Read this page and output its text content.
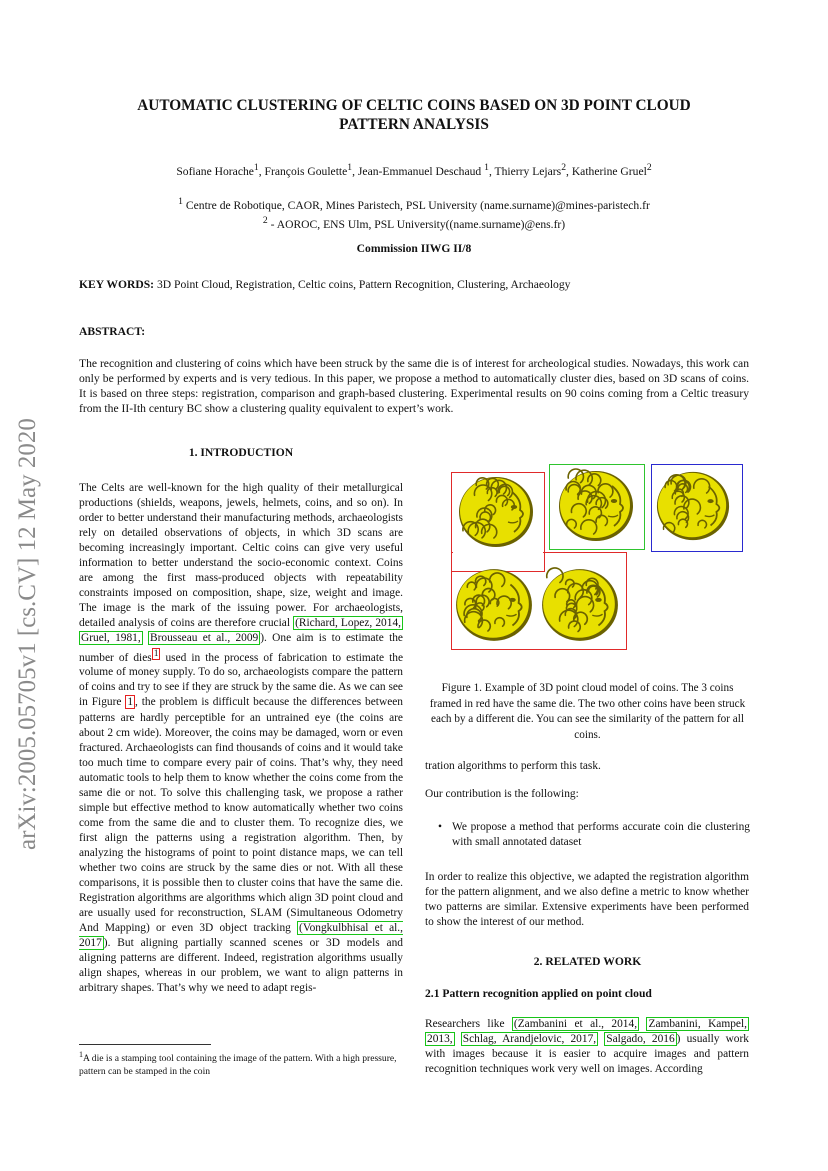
arXiv:2005.05705v1 [cs.CV] 12 May 2020
AUTOMATIC CLUSTERING OF CELTIC COINS BASED ON 3D POINT CLOUD
PATTERN ANALYSIS
Sofiane Horache$^1$, François Goulette$^1$, Jean-Emmanuel Deschaud $^1$, Thierry Lejars$^2$, Katherine Gruel$^2$
$^1$ Centre de Robotique, CAOR, Mines Paristech, PSL University (name.surname)@mines-paristech.fr
$^2$ - AOROC, ENS Ulm, PSL University((name.surname)@ens.fr)
Commission IIWG II/8
KEY WORDS: 3D Point Cloud, Registration, Celtic coins, Pattern Recognition, Clustering, Archaeology
ABSTRACT:
The recognition and clustering of coins which have been struck by the same die is of interest for archeological studies. Nowadays, this work can only be performed by experts and is very tedious. In this paper, we propose a method to automatically cluster dies, based on 3D scans of coins. It is based on three steps: registration, comparison and graph-based clustering. Experimental results on 90 coins coming from a Celtic treasury from the II-Ith century BC show a clustering quality equivalent to expert’s work.
1. INTRODUCTION

The Celts are well-known for the high quality of their metallurgical productions (shields, weapons, jewels, helmets, coins, and so on). In order to better understand their manufacturing methods, archaeologists rely on detailed observations of objects, in which 3D scans are becoming increasingly important. Celtic coins can give very useful information to better understand the socio-economic context. Coins are among the first mass-produced objects with repeatability constraints imposed on composition, shape, size, weight and image. The image is the mark of the issuing power. For archaeologists, detailed analysis of coins are therefore crucial (Richard, Lopez, 2014, Gruel, 1981, Brousseau et al., 2009 ). One aim is to estimate the number of dies $^1$ used in the process of fabrication to estimate the volume of money supply. To do so, archaeologists compare the pattern of coins and try to see if they are struck by the same die. As we can see in Figure 1 , the problem is difficult because the differences between patterns are hardly perceptible for an untrained eye (the coins are about 2 cm wide). Moreover, the coins may be damaged, worn or even fractured. Archaeologists can find thousands of coins and it would take too much time to compare every pair of coins. That’s why, they need automatic tools to help them to know whether the coins come from the same die or not. To solve this challenging task, we propose a rather simple but effective method to know automatically whether two coins come from the same die and to cluster them. To recognize dies, we first align the patterns using a registration algorithm. Then, by analyzing the histograms of point to point distance maps, we can tell whether two coins are struck by the same dies or not. With all these comparisons, it is possible then to cluster coins that have the same die. Registration algorithms are algorithms which align 3D point cloud and are usually used for reconstruction, SLAM (Simultaneous Odometry And Mapping) or even 3D object tracking (Vongkulbhisal et al., 2017 ). But aligning partially scanned scenes or 3D models and aligning patterns are different. Indeed, registration algorithms usually align shapes, whereas in our problem, we want to align patterns in arbitrary shapes. That’s why we need to adapt regis-

$^1$A die is a stamping tool containing the image of the pattern. With a high pressure, pattern can be stamped in the coin
Figure 1. Example of 3D point cloud model of coins. The 3 coins framed in red have the same die. The two other coins have been struck each by a different die. You can see the similarity of the pattern for all coins.
tration algorithms to perform this task.
Our contribution is the following:
• We propose a method that performs accurate coin die clustering with small annotated dataset
In order to realize this objective, we adapted the registration algorithm for the pattern alignment, and we also define a metric to know whether two patterns are similar. Extensive experiments have been performed to show the interest of our method.
2. RELATED WORK
2.1 Pattern recognition applied on point cloud
Researchers like (Zambanini et al., 2014, Zambanini, Kampel, 2013, Schlag, Arandjelovic, 2017, Salgado, 2016 ) usually work with images because it is easier to acquire images and pattern recognition techniques work very well on images. According
